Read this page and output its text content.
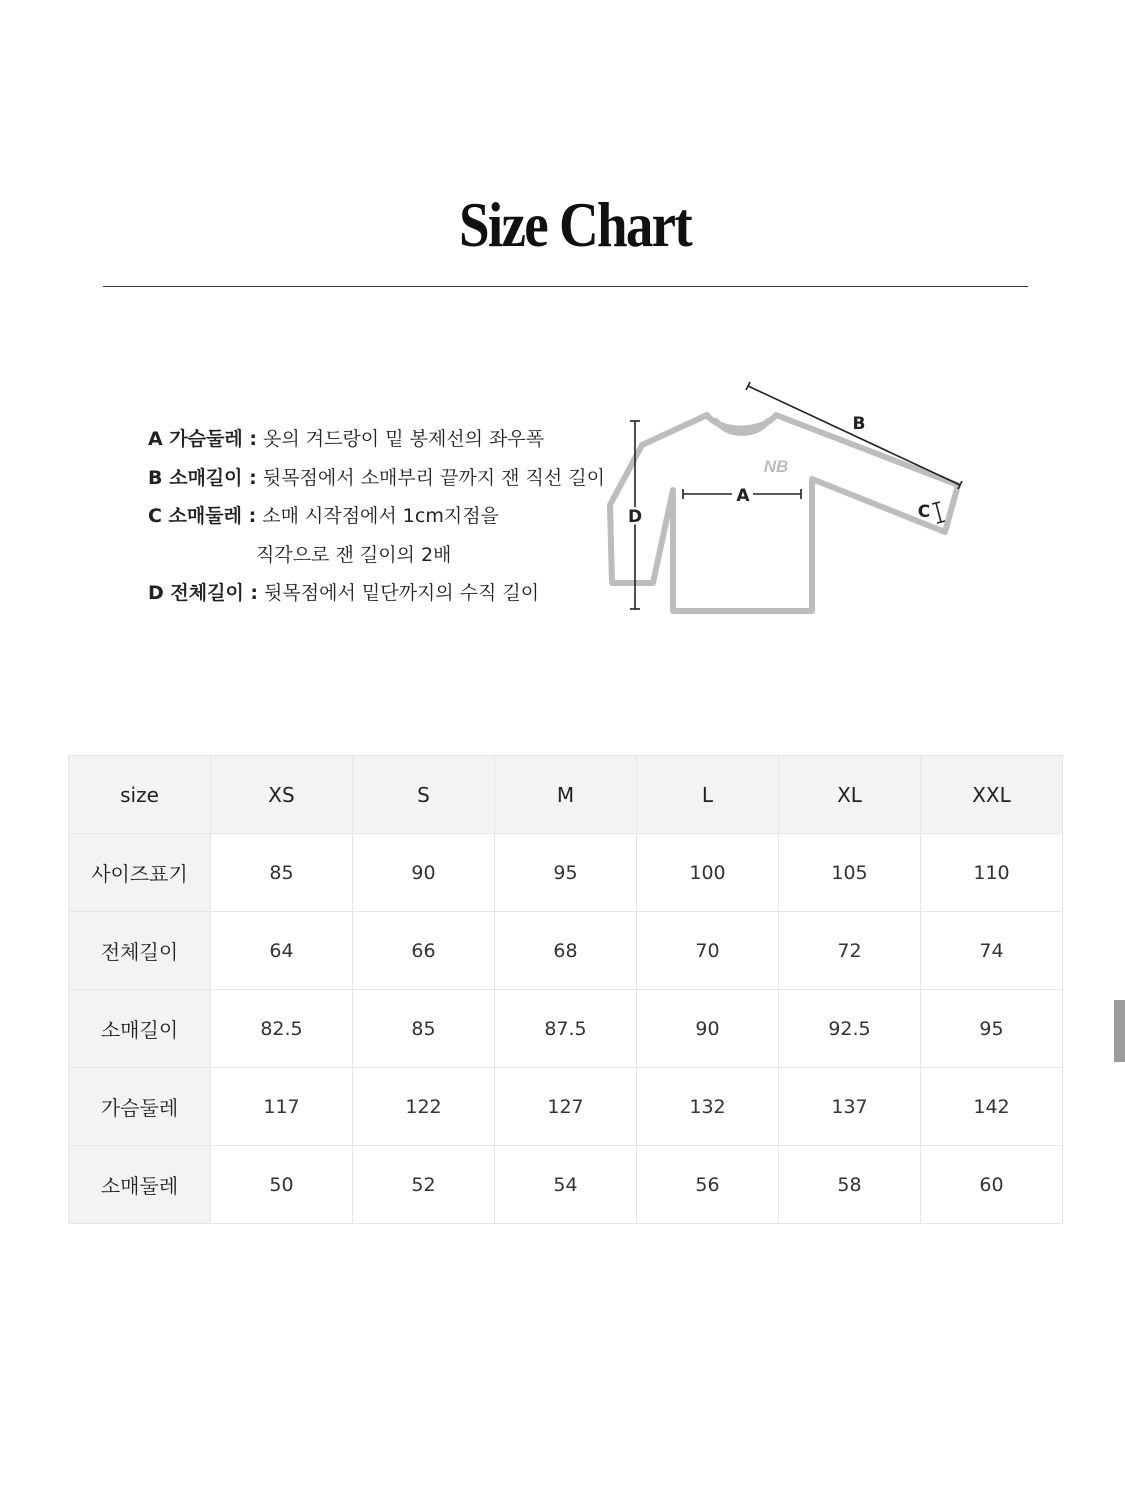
Size Chart
A 가슴둘레 : 옷의 겨드랑이 밑 봉제선의 좌우폭
B 소매길이 : 뒷목점에서 소매부리 끝까지 잰 직선 길이
C 소매둘레 : 소매 시작점에서 1cm지점을
직각으로 잰 길이의 2배
D 전체길이 : 뒷목점에서 밑단까지의 수직 길이
NB
A
B
C
D
size	XS	S	M	L	XL	XXL
사이즈표기	85	90	95	100	105	110
전체길이	64	66	68	70	72	74
소매길이	82.5	85	87.5	90	92.5	95
가슴둘레	117	122	127	132	137	142
소매둘레	50	52	54	56	58	60
